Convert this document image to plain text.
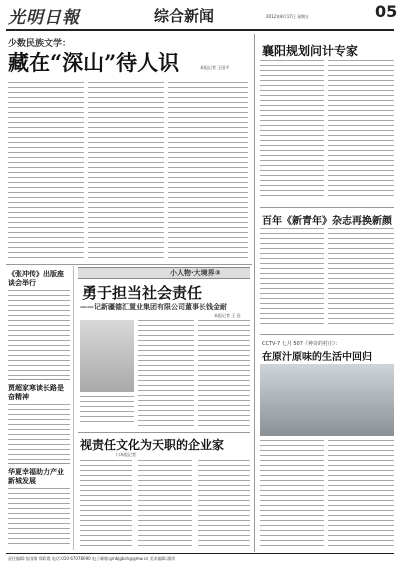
光明日報	综合新闻	2012年8月17日 星期五	05
少数民族文学：
藏在“深山”待人识	本报记者 王国平
襄阳规划问计专家
百年《新青年》杂志再换新颜
《张冲传》出版座谈会举行
贾超家寒读长路是奋精神
华夏幸福助力产业新城发展
小人物·大境界③
勇于担当社会责任
——记新疆德汇置业集团有限公司董事长钱金耐
本报记者 王 达
CCTV-7 七月 507《神奇的村庄》：
在原汁原味的生活中回归
视责任文化为天职的企业家
口本报记者
责任编辑:张国维 郑彩霞 电话:010-67078090 电子邮箱:gmbjgbsh@gmw.cn 美术编辑:潘涛
